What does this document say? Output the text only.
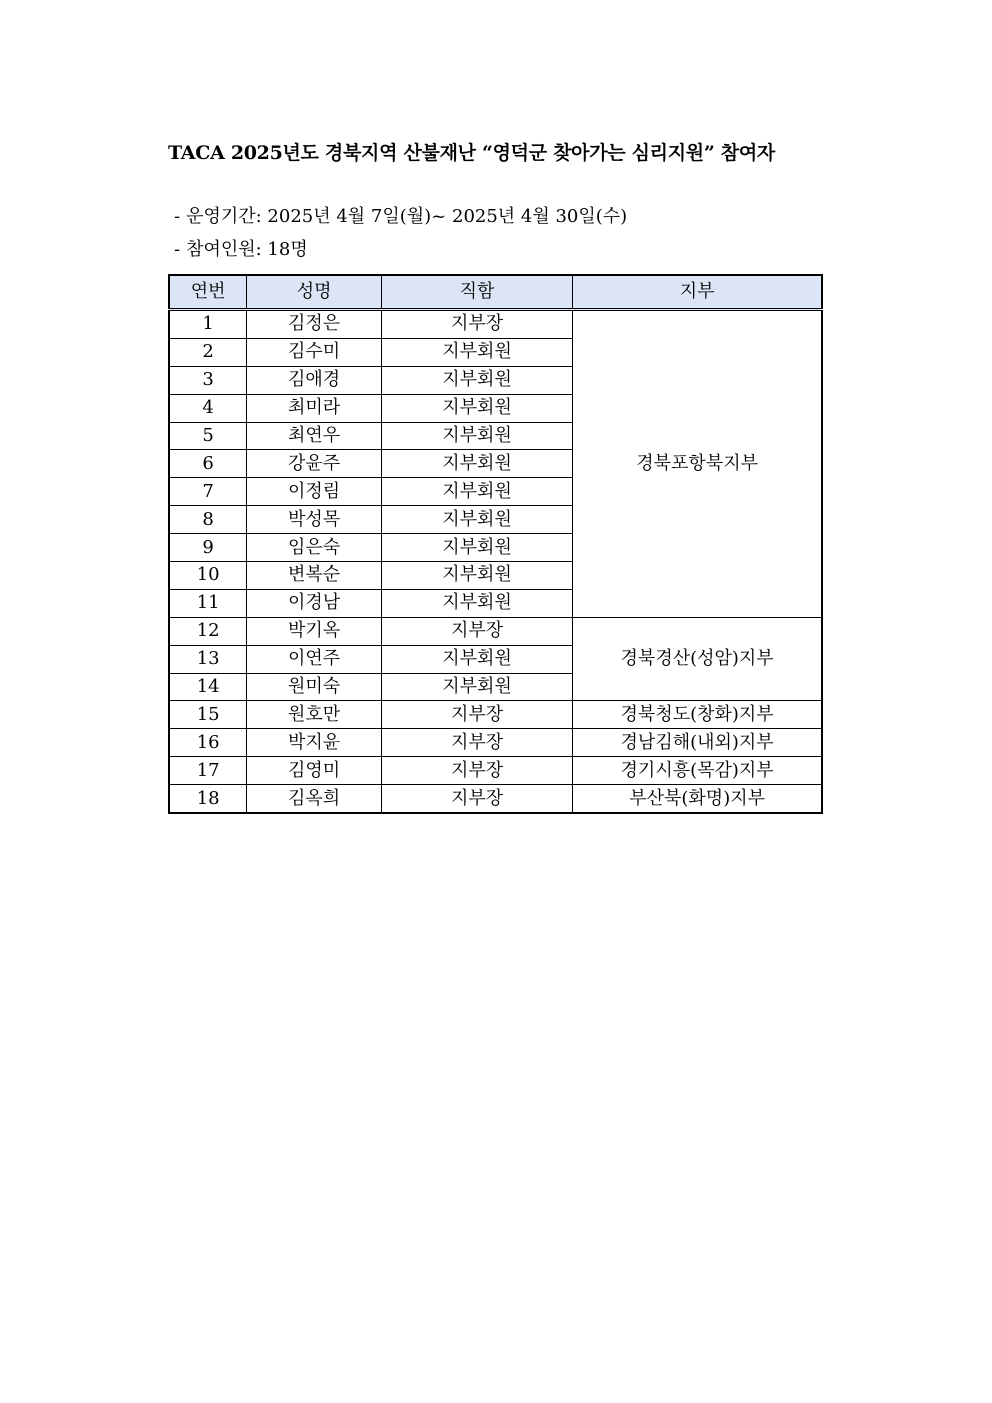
TACA 2025년도 경북지역 산불재난 “영덕군 찾아가는 심리지원” 참여자
- 운영기간: 2025년 4월 7일(월)~ 2025년 4월 30일(수)
- 참여인원: 18명
연번	성명	직함	지부
1	김정은	지부장	경북포항북지부
2	김수미	지부회원	
3	김애경	지부회원	
4	최미라	지부회원	
5	최연우	지부회원	
6	강윤주	지부회원	
7	이정림	지부회원	
8	박성목	지부회원	
9	임은숙	지부회원	
10	변복순	지부회원	
11	이경남	지부회원	
12	박기옥	지부장	경북경산(성암)지부
13	이연주	지부회원	
14	원미숙	지부회원	
15	원호만	지부장	경북청도(창화)지부
16	박지윤	지부장	경남김해(내외)지부
17	김영미	지부장	경기시흥(목감)지부
18	김옥희	지부장	부산북(화명)지부
